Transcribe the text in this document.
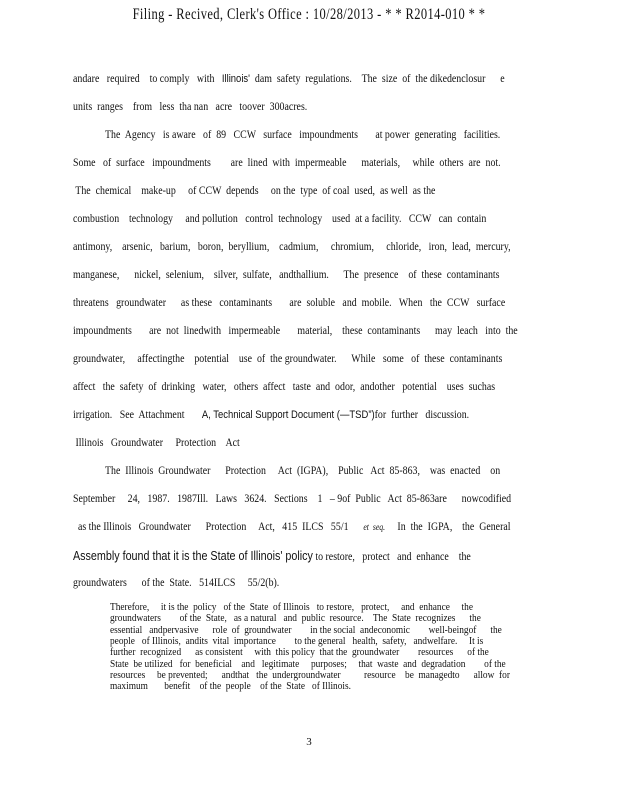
Filing - Recived, Clerk's Office : 10/28/2013 - * * R2014-010 * *
andare   required    to comply   with   Illinois'  dam  safety  regulations.    The  size  of  the dikedenclosur      e
units  ranges    from   less  tha nan   acre   toover  300acres.
The  Agency   is aware   of  89   CCW   surface   impoundments       at power  generating   facilities.
Some   of  surface   impoundments        are  lined  with  impermeable      materials,     while  others  are  not.
The  chemical    make-up     of CCW  depends     on the  type  of coal  used,  as well  as the
combustion    technology     and pollution   control  technology    used  at a facility.   CCW   can  contain
antimony,    arsenic,   barium,   boron,  beryllium,    cadmium,     chromium,     chloride,   iron,  lead,  mercury,
manganese,      nickel,  selenium,    silver,  sulfate,   andthallium.      The  presence    of  these  contaminants
threatens   groundwater      as these   contaminants       are  soluble   and  mobile.   When   the  CCW   surface
impoundments       are  not  linedwith   impermeable       material,    these  contaminants      may  leach   into  the
groundwater,     affectingthe    potential    use  of  the groundwater.      While   some   of  these  contaminants
affect   the  safety  of  drinking   water,   others  affect   taste  and  odor,  andother   potential    uses  suchas
irrigation.   See  Attachment       A, Technical Support Document (—TSD”)for  further   discussion.
Illinois   Groundwater     Protection    Act
The  Illinois  Groundwater      Protection     Act  (IGPA),    Public   Act  85-863,    was  enacted    on
September     24,   1987.   1987Ill.   Laws   3624.   Sections    1   – 9of  Public   Act  85-863are      nowcodified
as the Illinois   Groundwater      Protection     Act,   415  ILCS   55/1      et  seq.     In  the  IGPA,    the  General
Assembly found that it is the State of Illinois' policy to restore,   protect   and  enhance    the
groundwaters      of the  State.   514ILCS     55/2(b).
Therefore,     it is the  policy   of the  State  of Illinois   to restore,   protect,     and  enhance     the
groundwaters        of the  State,   as a natural   and  public  resource.    The  State  recognizes      the
essential   andpervasive      role  of  groundwater        in the social  andeconomic        well-beingof      the
people   of Illinois,  andits  vital  importance        to the general   health,  safety,   andwelfare.     It is
further  recognized      as consistent     with  this policy  that the  groundwater        resources      of the
State  be utilized   for  beneficial    and   legitimate     purposes;     that  waste  and  degradation        of the
resources     be prevented;      andthat   the  undergroundwater          resource    be  managedto      allow  for
maximum       benefit    of the  people    of the  State   of Illinois.
3
